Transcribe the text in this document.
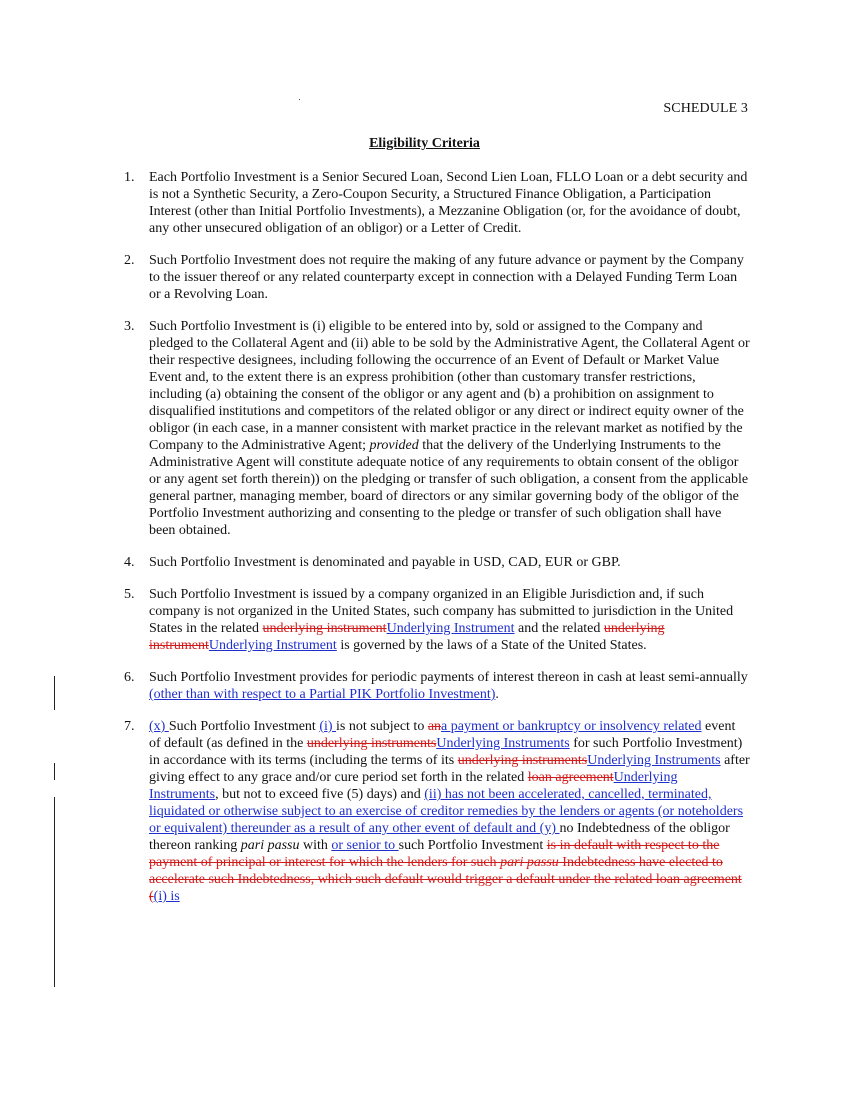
SCHEDULE 3
Eligibility Criteria
1. Each Portfolio Investment is a Senior Secured Loan, Second Lien Loan, FLLO Loan or a debt security and is not a Synthetic Security, a Zero-Coupon Security, a Structured Finance Obligation, a Participation Interest (other than Initial Portfolio Investments), a Mezzanine Obligation (or, for the avoidance of doubt, any other unsecured obligation of an obligor) or a Letter of Credit.
2. Such Portfolio Investment does not require the making of any future advance or payment by the Company to the issuer thereof or any related counterparty except in connection with a Delayed Funding Term Loan or a Revolving Loan.
3. Such Portfolio Investment is (i) eligible to be entered into by, sold or assigned to the Company and pledged to the Collateral Agent and (ii) able to be sold by the Administrative Agent, the Collateral Agent or their respective designees, including following the occurrence of an Event of Default or Market Value Event and, to the extent there is an express prohibition (other than customary transfer restrictions, including (a) obtaining the consent of the obligor or any agent and (b) a prohibition on assignment to disqualified institutions and competitors of the related obligor or any direct or indirect equity owner of the obligor (in each case, in a manner consistent with market practice in the relevant market as notified by the Company to the Administrative Agent; provided that the delivery of the Underlying Instruments to the Administrative Agent will constitute adequate notice of any requirements to obtain consent of the obligor or any agent set forth therein)) on the pledging or transfer of such obligation, a consent from the applicable general partner, managing member, board of directors or any similar governing body of the obligor of the Portfolio Investment authorizing and consenting to the pledge or transfer of such obligation shall have been obtained.
4. Such Portfolio Investment is denominated and payable in USD, CAD, EUR or GBP.
5. Such Portfolio Investment is issued by a company organized in an Eligible Jurisdiction and, if such company is not organized in the United States, such company has submitted to jurisdiction in the United States in the related underlying instrumentUnderlying Instrument and the related underlying instrumentUnderlying Instrument is governed by the laws of a State of the United States.
6. Such Portfolio Investment provides for periodic payments of interest thereon in cash at least semi-annually (other than with respect to a Partial PIK Portfolio Investment).
7. (x) Such Portfolio Investment (i) is not subject to ana payment or bankruptcy or insolvency related event of default (as defined in the underlying instrumentsUnderlying Instruments for such Portfolio Investment) in accordance with its terms (including the terms of its underlying instrumentsUnderlying Instruments after giving effect to any grace and/or cure period set forth in the related loan agreementUnderlying Instruments, but not to exceed five (5) days) and (ii) has not been accelerated, cancelled, terminated, liquidated or otherwise subject to an exercise of creditor remedies by the lenders or agents (or noteholders or equivalent) thereunder as a result of any other event of default and (y) no Indebtedness of the obligor thereon ranking pari passu with or senior to such Portfolio Investment is in default with respect to the payment of principal or interest for which the lenders for such pari passu Indebtedness have elected to accelerate such Indebtedness, which such default would trigger a default under the related loan agreement ((i) is
